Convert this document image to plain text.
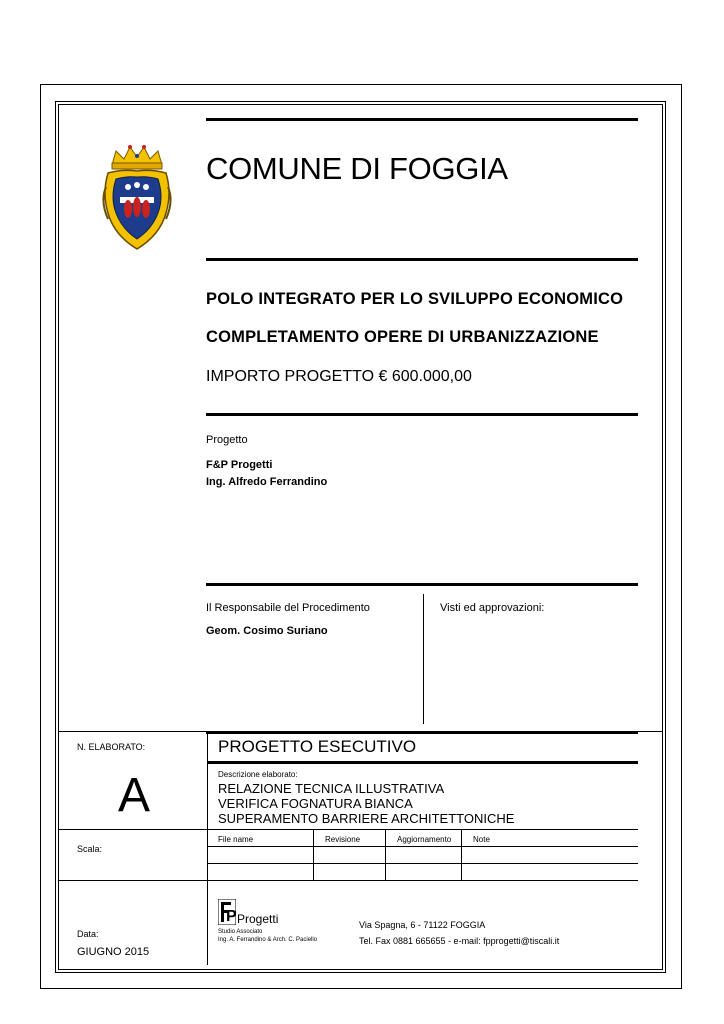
COMUNE DI FOGGIA
POLO INTEGRATO PER LO SVILUPPO ECONOMICO
COMPLETAMENTO OPERE DI URBANIZZAZIONE
IMPORTO PROGETTO € 600.000,00
Progetto
F&P Progetti
Ing. Alfredo Ferrandino
Il Responsabile del Procedimento
Geom. Cosimo Suriano
Visti ed approvazioni:
N. ELABORATO:
A
PROGETTO ESECUTIVO
Descrizione elaborato:
RELAZIONE TECNICA ILLUSTRATIVA
VERIFICA FOGNATURA BIANCA
SUPERAMENTO BARRIERE ARCHITETTONICHE
Scala:
File name	Revisione	Aggiornamento	Note
Data:
GIUGNO 2015
P Progetti
Studio Associato
Ing. A. Ferrandino & Arch. C. Paciello
Via Spagna, 6 - 71122 FOGGIA
Tel. Fax 0881 665655 - e-mail: fpprogetti@tiscali.it
